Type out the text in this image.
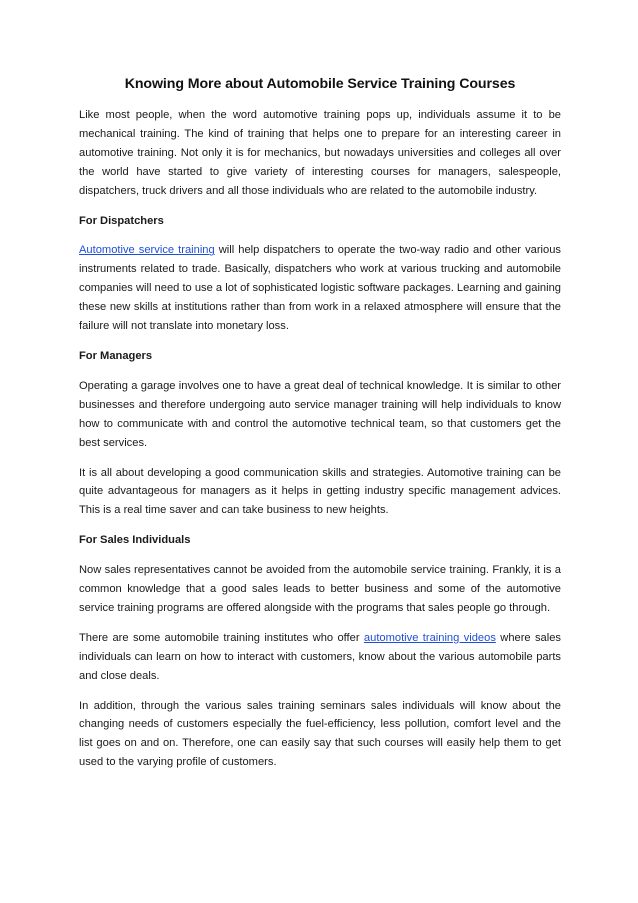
Knowing More about Automobile Service Training Courses

Like most people, when the word automotive training pops up, individuals assume it to be mechanical training. The kind of training that helps one to prepare for an interesting career in automotive training. Not only it is for mechanics, but nowadays universities and colleges all over the world have started to give variety of interesting courses for managers, salespeople, dispatchers, truck drivers and all those individuals who are related to the automobile industry.

For Dispatchers

Automotive service training will help dispatchers to operate the two-way radio and other various instruments related to trade. Basically, dispatchers who work at various trucking and automobile companies will need to use a lot of sophisticated logistic software packages. Learning and gaining these new skills at institutions rather than from work in a relaxed atmosphere will ensure that the failure will not translate into monetary loss.

For Managers

Operating a garage involves one to have a great deal of technical knowledge. It is similar to other businesses and therefore undergoing auto service manager training will help individuals to know how to communicate with and control the automotive technical team, so that customers get the best services.

It is all about developing a good communication skills and strategies. Automotive training can be quite advantageous for managers as it helps in getting industry specific management advices. This is a real time saver and can take business to new heights.

For Sales Individuals

Now sales representatives cannot be avoided from the automobile service training. Frankly, it is a common knowledge that a good sales leads to better business and some of the automotive service training programs are offered alongside with the programs that sales people go through.

There are some automobile training institutes who offer automotive training videos where sales individuals can learn on how to interact with customers, know about the various automobile parts and close deals.

In addition, through the various sales training seminars sales individuals will know about the changing needs of customers especially the fuel-efficiency, less pollution, comfort level and the list goes on and on. Therefore, one can easily say that such courses will easily help them to get used to the varying profile of customers.
